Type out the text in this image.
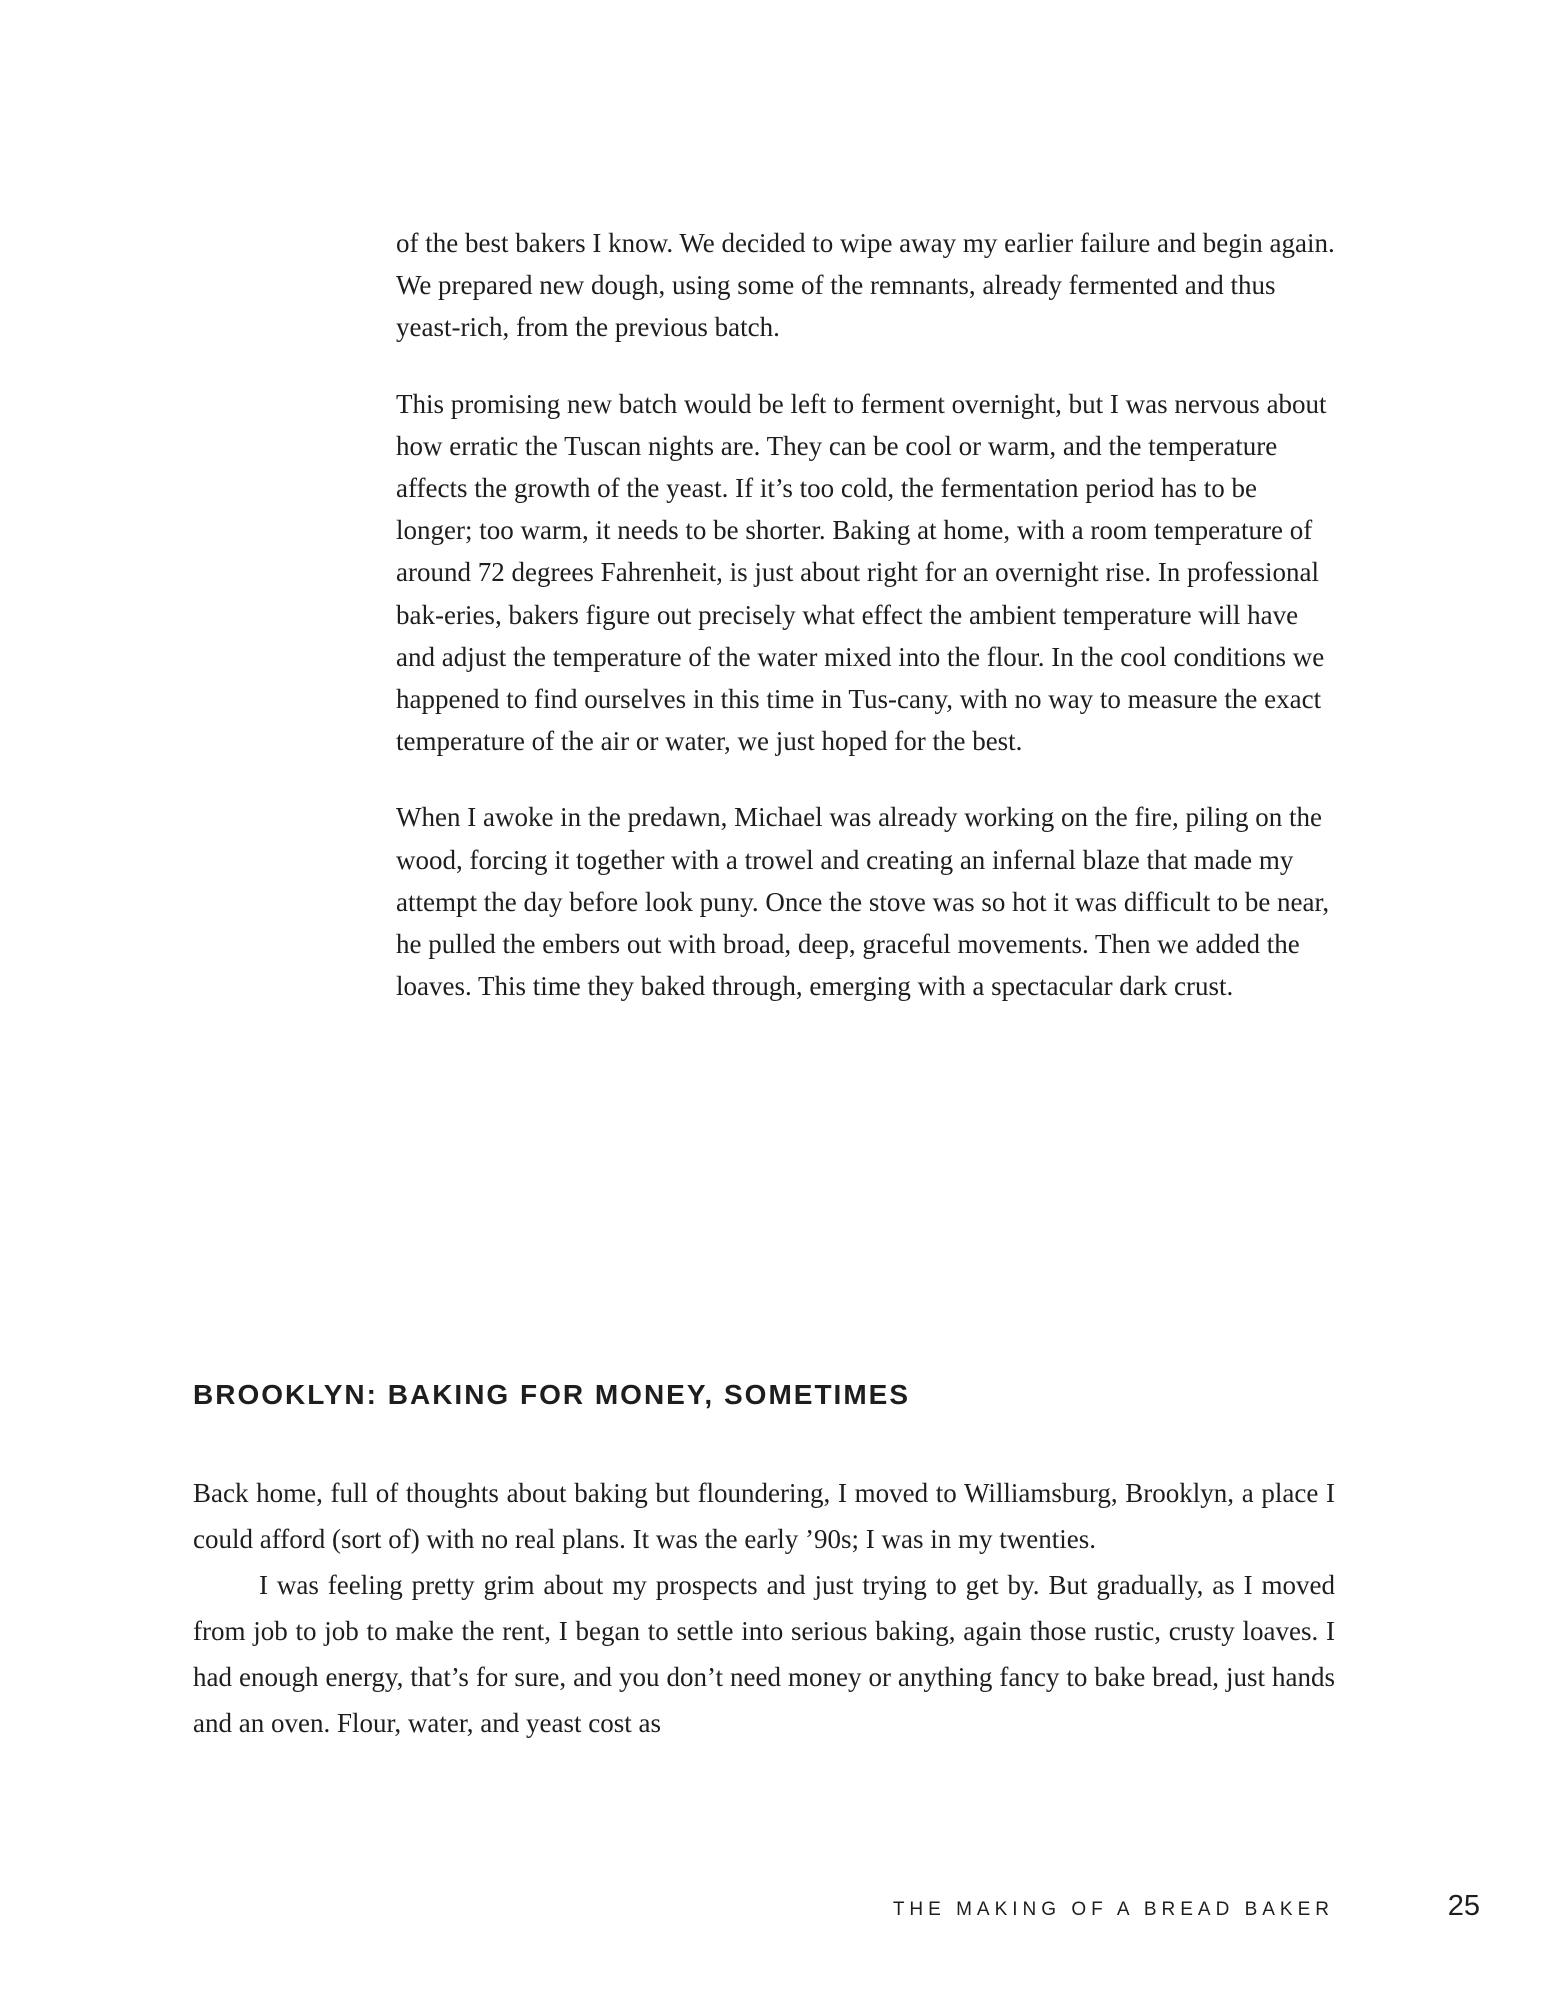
of the best bakers I know. We decided to wipe away my earlier failure and begin again. We prepared new dough, using some of the remnants, already fermented and thus yeast-rich, from the previous batch.

This promising new batch would be left to ferment overnight, but I was nervous about how erratic the Tuscan nights are. They can be cool or warm, and the temperature affects the growth of the yeast. If it’s too cold, the fermentation period has to be longer; too warm, it needs to be shorter. Baking at home, with a room temperature of around 72 degrees Fahrenheit, is just about right for an overnight rise. In professional bak-eries, bakers figure out precisely what effect the ambient temperature will have and adjust the temperature of the water mixed into the flour. In the cool conditions we happened to find ourselves in this time in Tus-cany, with no way to measure the exact temperature of the air or water, we just hoped for the best.

When I awoke in the predawn, Michael was already working on the fire, piling on the wood, forcing it together with a trowel and creating an infernal blaze that made my attempt the day before look puny. Once the stove was so hot it was difficult to be near, he pulled the embers out with broad, deep, graceful movements. Then we added the loaves. This time they baked through, emerging with a spectacular dark crust.

BROOKLYN: BAKING FOR MONEY, SOMETIMES

Back home, full of thoughts about baking but floundering, I moved to Williamsburg, Brooklyn, a place I could afford (sort of) with no real plans. It was the early ’90s; I was in my twenties.

I was feeling pretty grim about my prospects and just trying to get by. But gradually, as I moved from job to job to make the rent, I began to settle into serious baking, again those rustic, crusty loaves. I had enough energy, that’s for sure, and you don’t need money or anything fancy to bake bread, just hands and an oven. Flour, water, and yeast cost as

THE MAKING OF A BREAD BAKER	25
